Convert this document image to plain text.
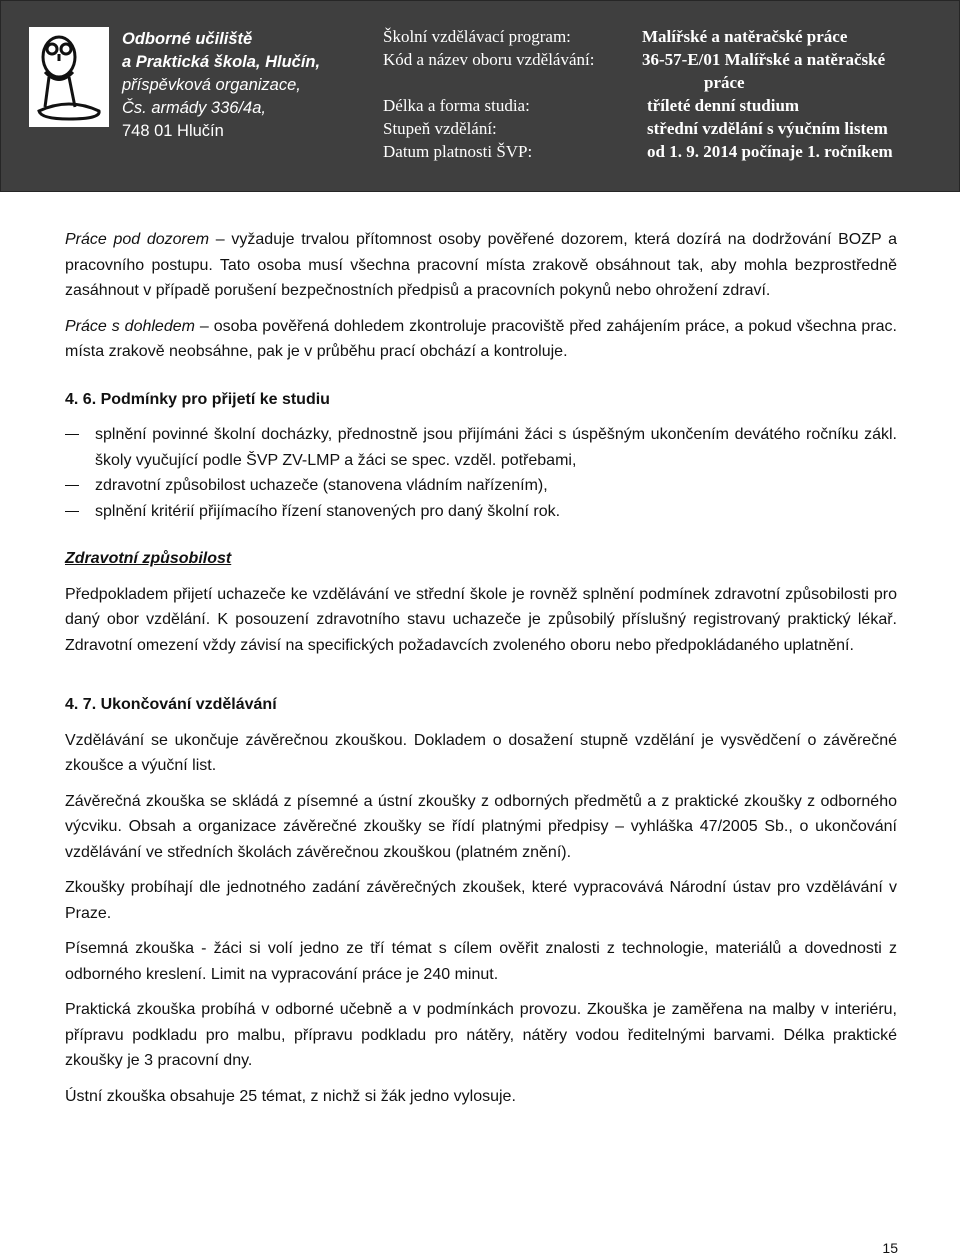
Odborné učiliště
a Praktická škola, Hlučín,
příspěvková organizace,
Čs. armády 336/4a,
748 01 Hlučín
Školní vzdělávací program:	Malířské a natěračské práce
Kód a název oboru vzdělávání:	36-57-E/01 Malířské a natěračské
práce
Délka a forma studia:	tříleté denní studium
Stupeň vzdělání:	střední vzdělání s výučním listem
Datum platnosti ŠVP:	od 1. 9. 2014 počínaje 1. ročníkem

Práce pod dozorem – vyžaduje trvalou přítomnost osoby pověřené dozorem, která dozírá na dodržování BOZP a pracovního postupu. Tato osoba musí všechna pracovní místa zrakově obsáhnout tak, aby mohla bezprostředně zasáhnout v případě porušení bezpečnostních předpisů a pracovních pokynů nebo ohrožení zdraví.

Práce s dohledem – osoba pověřená dohledem zkontroluje pracoviště před zahájením práce, a pokud všechna prac. místa zrakově neobsáhne, pak je v průběhu prací obchází a kontroluje.

4. 6. Podmínky pro přijetí ke studiu

splnění povinné školní docházky, přednostně jsou přijímáni žáci s úspěšným ukončením devátého ročníku zákl. školy vyučující podle ŠVP ZV-LMP a žáci se spec. vzděl. potřebami,
zdravotní způsobilost uchazeče (stanovena vládním nařízením),
splnění kritérií přijímacího řízení stanovených pro daný školní rok.

Zdravotní způsobilost

Předpokladem přijetí uchazeče ke vzdělávání ve střední škole je rovněž splnění podmínek zdravotní způsobilosti pro daný obor vzdělání. K posouzení zdravotního stavu uchazeče je způsobilý příslušný registrovaný praktický lékař. Zdravotní omezení vždy závisí na specifických požadavcích zvoleného oboru nebo předpokládaného uplatnění.

4. 7. Ukončování vzdělávání

Vzdělávání se ukončuje závěrečnou zkouškou. Dokladem o dosažení stupně vzdělání je vysvědčení o závěrečné zkoušce a výuční list.

Závěrečná zkouška se skládá z písemné a ústní zkoušky z odborných předmětů a z praktické zkoušky z odborného výcviku. Obsah a organizace závěrečné zkoušky se řídí platnými předpisy – vyhláška 47/2005 Sb., o ukončování vzdělávání ve středních školách závěrečnou zkouškou (platném znění).

Zkoušky probíhají dle jednotného zadání závěrečných zkoušek, které vypracovává Národní ústav pro vzdělávání v Praze.

Písemná zkouška - žáci si volí jedno ze tří témat s cílem ověřit znalosti z technologie, materiálů a dovednosti z odborného kreslení. Limit na vypracování práce je 240 minut.

Praktická zkouška probíhá v odborné učebně a v podmínkách provozu. Zkouška je zaměřena na malby v interiéru, přípravu podkladu pro malbu, přípravu podkladu pro nátěry, nátěry vodou ředitelnými barvami. Délka praktické zkoušky je 3 pracovní dny.

Ústní zkouška obsahuje 25 témat, z nichž si žák jedno vylosuje.

15
